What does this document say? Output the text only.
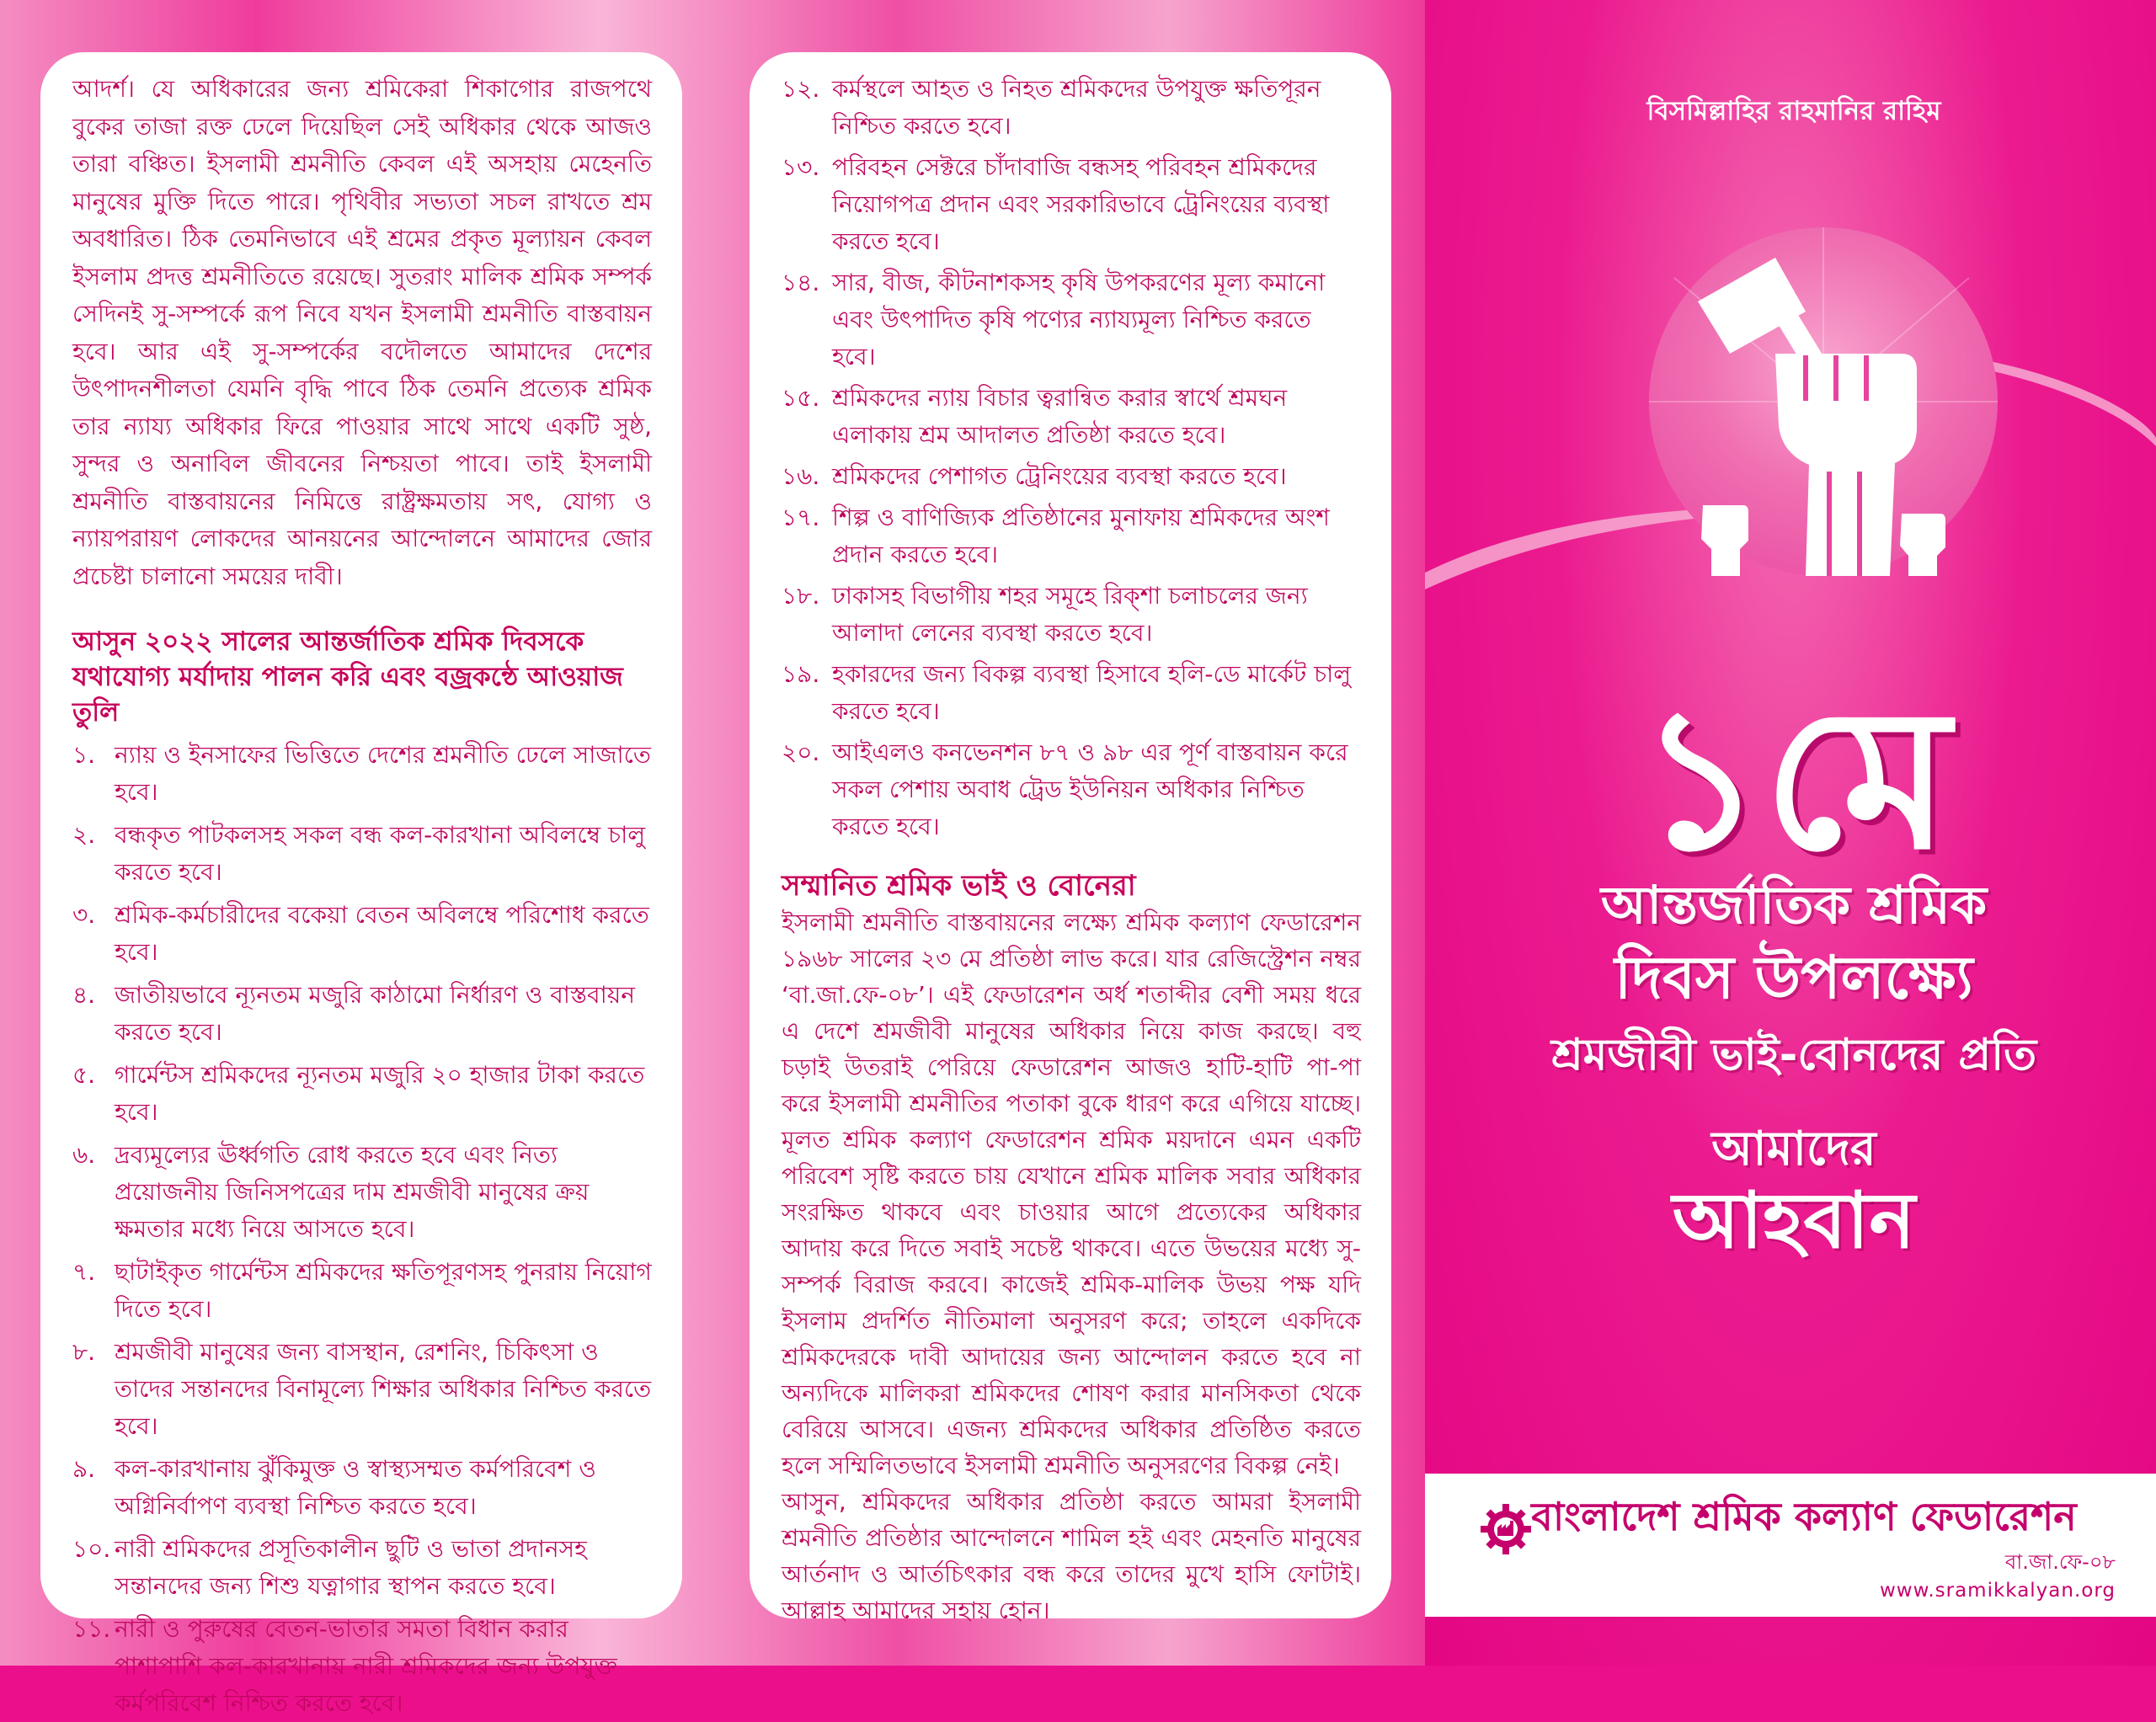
আদর্শ। যে অধিকারের জন্য শ্রমিকেরা শিকাগোর রাজপথে বুকের তাজা রক্ত ঢেলে দিয়েছিল সেই অধিকার থেকে আজও তারা বঞ্চিত। ইসলামী শ্রমনীতি কেবল এই অসহায় মেহেনতি মানুষের মুক্তি দিতে পারে। পৃথিবীর সভ্যতা সচল রাখতে শ্রম অবধারিত। ঠিক তেমনিভাবে এই শ্রমের প্রকৃত মূল্যায়ন কেবল ইসলাম প্রদত্ত শ্রমনীতিতে রয়েছে। সুতরাং মালিক শ্রমিক সম্পর্ক সেদিনই সু-সম্পর্কে রূপ নিবে যখন ইসলামী শ্রমনীতি বাস্তবায়ন হবে। আর এই সু-সম্পর্কের বদৌলতে আমাদের দেশের উৎপাদনশীলতা যেমনি বৃদ্ধি পাবে ঠিক তেমনি প্রত্যেক শ্রমিক তার ন্যায্য অধিকার ফিরে পাওয়ার সাথে সাথে একটি সুষ্ঠ, সুন্দর ও অনাবিল জীবনের নিশ্চয়তা পাবে। তাই ইসলামী শ্রমনীতি বাস্তবায়নের নিমিত্তে রাষ্ট্রক্ষমতায় সৎ, যোগ্য ও ন্যায়পরায়ণ লোকদের আনয়নের আন্দোলনে আমাদের জোর প্রচেষ্টা চালানো সময়ের দাবী।

আসুন ২০২২ সালের আন্তর্জাতিক শ্রমিক দিবসকে যথাযোগ্য মর্যাদায় পালন করি এবং বজ্রকন্ঠে আওয়াজ তুলি
১. ন্যায় ও ইনসাফের ভিত্তিতে দেশের শ্রমনীতি ঢেলে সাজাতে হবে।
২. বন্ধকৃত পাটকলসহ সকল বন্ধ কল-কারখানা অবিলম্বে চালু করতে হবে।
৩. শ্রমিক-কর্মচারীদের বকেয়া বেতন অবিলম্বে পরিশোধ করতে হবে।
৪. জাতীয়ভাবে ন্যূনতম মজুরি কাঠামো নির্ধারণ ও বাস্তবায়ন করতে হবে।
৫. গার্মেন্টস শ্রমিকদের ন্যূনতম মজুরি ২০ হাজার টাকা করতে হবে।
৬. দ্রব্যমূল্যের ঊর্ধ্বগতি রোধ করতে হবে এবং নিত্য প্রয়োজনীয় জিনিসপত্রের দাম শ্রমজীবী মানুষের ক্রয় ক্ষমতার মধ্যে নিয়ে আসতে হবে।
৭. ছাটাইকৃত গার্মেন্টস শ্রমিকদের ক্ষতিপূরণসহ পুনরায় নিয়োগ দিতে হবে।
৮. শ্রমজীবী মানুষের জন্য বাসস্থান, রেশনিং, চিকিৎসা ও তাদের সন্তানদের বিনামূল্যে শিক্ষার অধিকার নিশ্চিত করতে হবে।
৯. কল-কারখানায় ঝুঁকিমুক্ত ও স্বাস্থ্যসম্মত কর্মপরিবেশ ও অগ্নিনির্বাপণ ব্যবস্থা নিশ্চিত করতে হবে।
১০. নারী শ্রমিকদের প্রসূতিকালীন ছুটি ও ভাতা প্রদানসহ সন্তানদের জন্য শিশু যত্নাগার স্থাপন করতে হবে।
১১. নারী ও পুরুষের বেতন-ভাতার সমতা বিধান করার পাশাপাশি কল-কারখানায় নারী শ্রমিকদের জন্য উপযুক্ত কর্মপরিবেশ নিশ্চিত করতে হবে।
১২. কর্মস্থলে আহত ও নিহত শ্রমিকদের উপযুক্ত ক্ষতিপূরন নিশ্চিত করতে হবে।
১৩. পরিবহন সেক্টরে চাঁদাবাজি বন্ধসহ পরিবহন শ্রমিকদের নিয়োগপত্র প্রদান এবং সরকারিভাবে ট্রেনিংয়ের ব্যবস্থা করতে হবে।
১৪. সার, বীজ, কীটনাশকসহ কৃষি উপকরণের মূল্য কমানো এবং উৎপাদিত কৃষি পণ্যের ন্যায্যমূল্য নিশ্চিত করতে হবে।
১৫. শ্রমিকদের ন্যায় বিচার ত্বরান্বিত করার স্বার্থে শ্রমঘন এলাকায় শ্রম আদালত প্রতিষ্ঠা করতে হবে।
১৬. শ্রমিকদের পেশাগত ট্রেনিংয়ের ব্যবস্থা করতে হবে।
১৭. শিল্প ও বাণিজ্যিক প্রতিষ্ঠানের মুনাফায় শ্রমিকদের অংশ প্রদান করতে হবে।
১৮. ঢাকাসহ বিভাগীয় শহর সমূহে রিক্শা চলাচলের জন্য আলাদা লেনের ব্যবস্থা করতে হবে।
১৯. হকারদের জন্য বিকল্প ব্যবস্থা হিসাবে হলি-ডে মার্কেট চালু করতে হবে।
২০. আইএলও কনভেনশন ৮৭ ও ৯৮ এর পূর্ণ বাস্তবায়ন করে সকল পেশায় অবাধ ট্রেড ইউনিয়ন অধিকার নিশ্চিত করতে হবে।
সম্মানিত শ্রমিক ভাই ও বোনেরা

ইসলামী শ্রমনীতি বাস্তবায়নের লক্ষ্যে শ্রমিক কল্যাণ ফেডারেশন ১৯৬৮ সালের ২৩ মে প্রতিষ্ঠা লাভ করে। যার রেজিস্ট্রেশন নম্বর ‘বা.জা.ফে-০৮’। এই ফেডারেশন অর্ধ শতাব্দীর বেশী সময় ধরে এ দেশে শ্রমজীবী মানুষের অধিকার নিয়ে কাজ করছে। বহু চড়াই উতরাই পেরিয়ে ফেডারেশন আজও হাটি-হাটি পা-পা করে ইসলামী শ্রমনীতির পতাকা বুকে ধারণ করে এগিয়ে যাচ্ছে। মূলত শ্রমিক কল্যাণ ফেডারেশন শ্রমিক ময়দানে এমন একটি পরিবেশ সৃষ্টি করতে চায় যেখানে শ্রমিক মালিক সবার অধিকার সংরক্ষিত থাকবে এবং চাওয়ার আগে প্রত্যেকের অধিকার আদায় করে দিতে সবাই সচেষ্ট থাকবে। এতে উভয়ের মধ্যে সু-সম্পর্ক বিরাজ করবে। কাজেই শ্রমিক-মালিক উভয় পক্ষ যদি ইসলাম প্রদর্শিত নীতিমালা অনুসরণ করে; তাহলে একদিকে শ্রমিকদেরকে দাবী আদায়ের জন্য আন্দোলন করতে হবে না অন্যদিকে মালিকরা শ্রমিকদের শোষণ করার মানসিকতা থেকে বেরিয়ে আসবে। এজন্য শ্রমিকদের অধিকার প্রতিষ্ঠিত করতে হলে সম্মিলিতভাবে ইসলামী শ্রমনীতি অনুসরণের বিকল্প নেই।

আসুন, শ্রমিকদের অধিকার প্রতিষ্ঠা করতে আমরা ইসলামী শ্রমনীতি প্রতিষ্ঠার আন্দোলনে শামিল হই এবং মেহনতি মানুষের আর্তনাদ ও আর্তচিৎকার বন্ধ করে তাদের মুখে হাসি ফোটাই। আল্লাহ আমাদের সহায় হোন।

বিসমিল্লাহির রাহমানির রাহিম
১মে
আন্তর্জাতিক শ্রমিক
দিবস উপলক্ষ্যে
শ্রমজীবী ভাই-বোনদের প্রতি
আমাদের
আহবান
বাংলাদেশ শ্রমিক কল্যাণ ফেডারেশন
বা.জা.ফে-০৮
www.sramikkalyan.org
